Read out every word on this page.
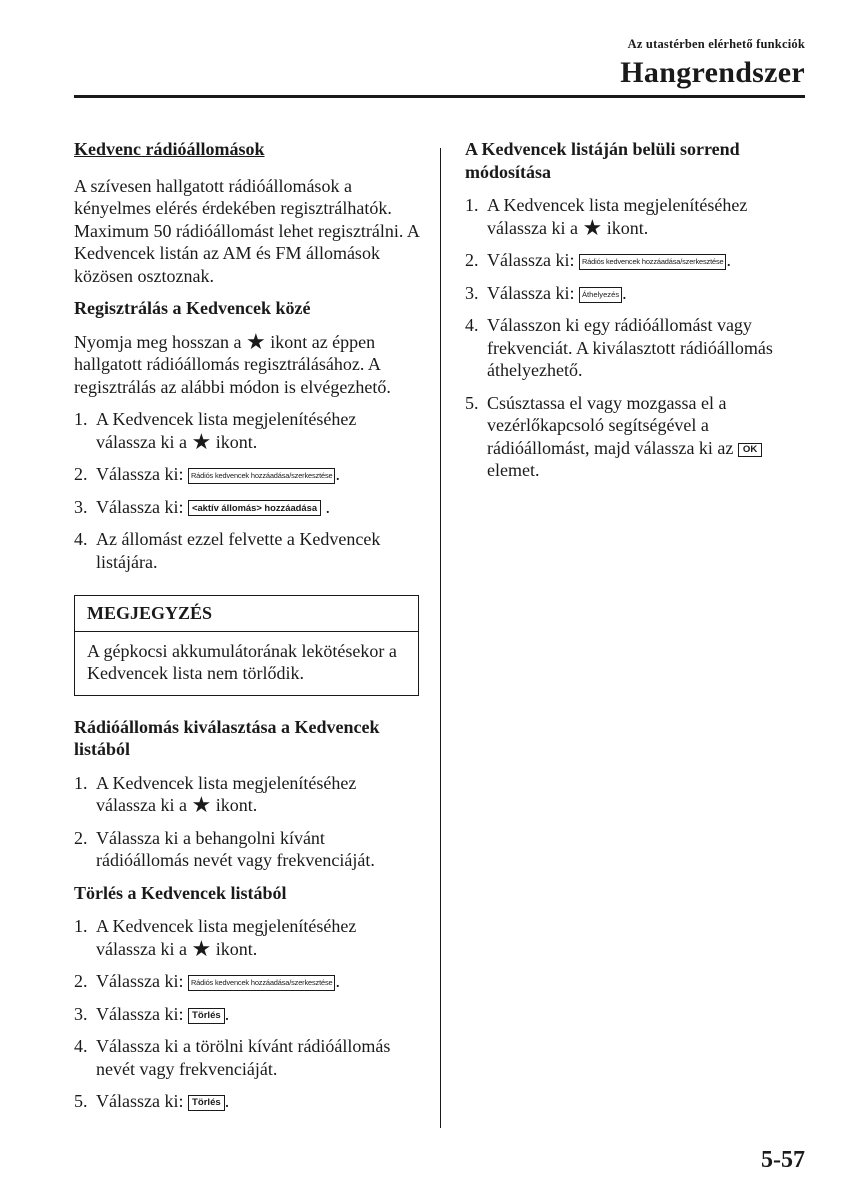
Az utastérben elérhető funkciók
Hangrendszer
Kedvenc rádióállomások

A szívesen hallgatott rádióállomások a kényelmes elérés érdekében regisztrálhatók. Maximum 50 rádióállomást lehet regisztrálni. A Kedvencek listán az AM és FM állomások közösen osztoznak.

Regisztrálás a Kedvencek közé

Nyomja meg hosszan a ★ ikont az éppen hallgatott rádióállomás regisztrálásához. A regisztrálás az alábbi módon is elvégezhető.

1. A Kedvencek lista megjelenítéséhez válassza ki a ★ ikont.
2. Válassza ki: Rádiós kedvencek hozzáadása/szerkesztése .
3. Válassza ki: <aktív állomás> hozzáadása .
4. Az állomást ezzel felvette a Kedvencek listájára.
MEGJEGYZÉS
A gépkocsi akkumulátorának lekötésekor a Kedvencek lista nem törlődik.
Rádióállomás kiválasztása a Kedvencek listából
1. A Kedvencek lista megjelenítéséhez válassza ki a ★ ikont.
2. Válassza ki a behangolni kívánt rádióállomás nevét vagy frekvenciáját.
Törlés a Kedvencek listából
1. A Kedvencek lista megjelenítéséhez válassza ki a ★ ikont.
2. Válassza ki: Rádiós kedvencek hozzáadása/szerkesztése .
3. Válassza ki: Törlés .
4. Válassza ki a törölni kívánt rádióállomás nevét vagy frekvenciáját.
5. Válassza ki: Törlés .
A Kedvencek listáján belüli sorrend módosítása
1. A Kedvencek lista megjelenítéséhez válassza ki a ★ ikont.
2. Válassza ki: Rádiós kedvencek hozzáadása/szerkesztése .
3. Válassza ki: Áthelyezés .
4. Válasszon ki egy rádióállomást vagy frekvenciát. A kiválasztott rádióállomás áthelyezhető.
5. Csúsztassa el vagy mozgassa el a vezérlőkapcsoló segítségével a rádióállomást, majd válassza ki az OK elemet.
5-57
